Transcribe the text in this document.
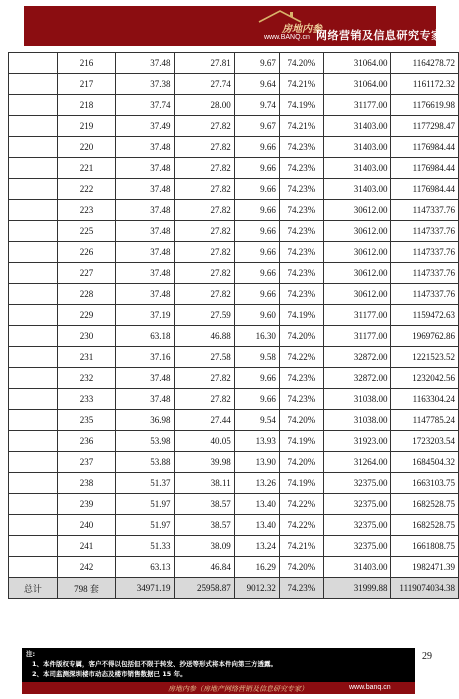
房地内参
www.BANQ.cn 网络营销及信息研究专家
	216	37.48	27.81	9.67	74.20%	31064.00	1164278.72
	217	37.38	27.74	9.64	74.21%	31064.00	1161172.32
	218	37.74	28.00	9.74	74.19%	31177.00	1176619.98
	219	37.49	27.82	9.67	74.21%	31403.00	1177298.47
	220	37.48	27.82	9.66	74.23%	31403.00	1176984.44
	221	37.48	27.82	9.66	74.23%	31403.00	1176984.44
	222	37.48	27.82	9.66	74.23%	31403.00	1176984.44
	223	37.48	27.82	9.66	74.23%	30612.00	1147337.76
	225	37.48	27.82	9.66	74.23%	30612.00	1147337.76
	226	37.48	27.82	9.66	74.23%	30612.00	1147337.76
	227	37.48	27.82	9.66	74.23%	30612.00	1147337.76
	228	37.48	27.82	9.66	74.23%	30612.00	1147337.76
	229	37.19	27.59	9.60	74.19%	31177.00	1159472.63
	230	63.18	46.88	16.30	74.20%	31177.00	1969762.86
	231	37.16	27.58	9.58	74.22%	32872.00	1221523.52
	232	37.48	27.82	9.66	74.23%	32872.00	1232042.56
	233	37.48	27.82	9.66	74.23%	31038.00	1163304.24
	235	36.98	27.44	9.54	74.20%	31038.00	1147785.24
	236	53.98	40.05	13.93	74.19%	31923.00	1723203.54
	237	53.88	39.98	13.90	74.20%	31264.00	1684504.32
	238	51.37	38.11	13.26	74.19%	32375.00	1663103.75
	239	51.97	38.57	13.40	74.22%	32375.00	1682528.75
	240	51.97	38.57	13.40	74.22%	32375.00	1682528.75
	241	51.33	38.09	13.24	74.21%	32375.00	1661808.75
	242	63.13	46.84	16.29	74.20%	31403.00	1982471.39
总计	798 套	34971.19	25958.87	9012.32	74.23%	31999.88	1119074034.38
29
注:
1、本件版权专属，客户不得以包括但不限于转发、抄送等形式将本件向第三方透露。
2、本司监测深圳楼市动态及楼市销售数据已 15 年。
房地内参（房地产网络营销及信息研究专家）	www.banq.cn
